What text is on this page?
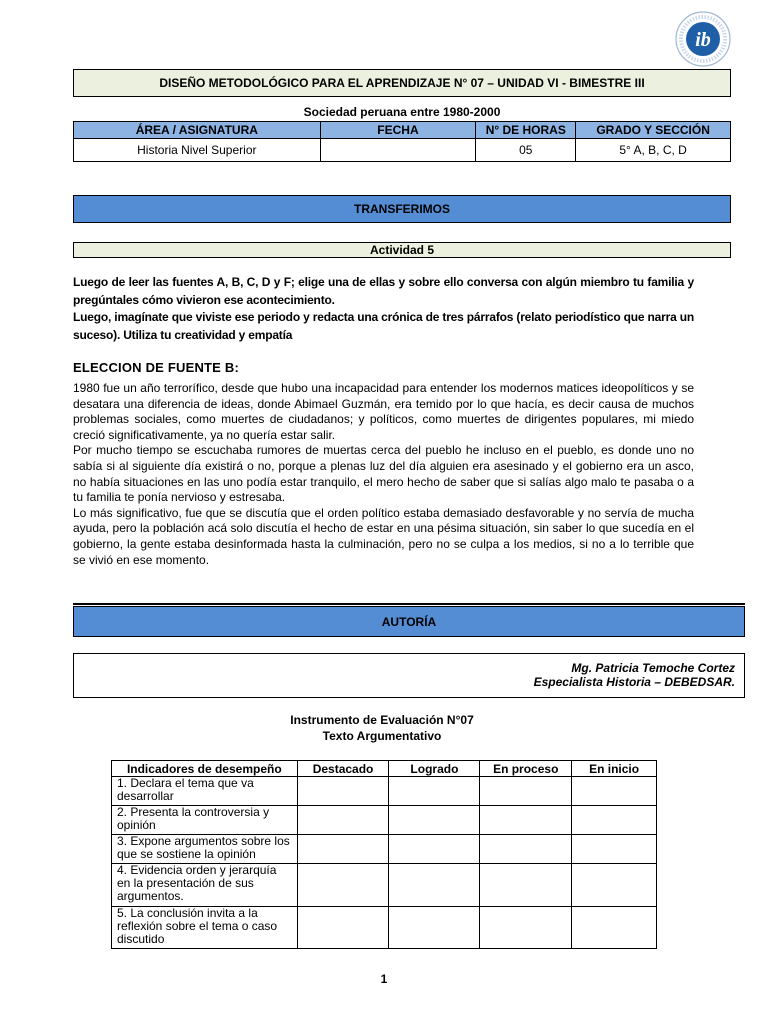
ib
DISEÑO METODOLÓGICO PARA EL APRENDIZAJE N° 07 – UNIDAD VI - BIMESTRE III
Sociedad peruana entre 1980-2000
ÁREA / ASIGNATURA	FECHA	N° DE HORAS	GRADO Y SECCIÓN
Historia Nivel Superior		05	5° A, B, C, D
TRANSFERIMOS
Actividad 5

Luego de leer las fuentes A, B, C, D y F; elige una de ellas y sobre ello conversa con algún miembro tu familia y pregúntales cómo vivieron ese acontecimiento.

Luego, imagínate que viviste ese periodo y redacta una crónica de tres párrafos (relato periodístico que narra un suceso). Utiliza tu creatividad y empatía

ELECCION DE FUENTE B:

1980 fue un año terrorífico, desde que hubo una incapacidad para entender los modernos matices ideopolíticos y se desatara una diferencia de ideas, donde Abimael Guzmán, era temido por lo que hacía, es decir causa de muchos problemas sociales, como muertes de ciudadanos; y políticos, como muertes de dirigentes populares, mi miedo creció significativamente, ya no quería estar salir.

Por mucho tiempo se escuchaba rumores de muertas cerca del pueblo he incluso en el pueblo, es donde uno no sabía si al siguiente día existirá o no, porque a plenas luz del día alguien era asesinado y el gobierno era un asco, no había situaciones en las uno podía estar tranquilo, el mero hecho de saber que si salías algo malo te pasaba o a tu familia te ponía nervioso y estresaba.

Lo más significativo, fue que se discutía que el orden político estaba demasiado desfavorable y no servía de mucha ayuda, pero la población acá solo discutía el hecho de estar en una pésima situación, sin saber lo que sucedía en el gobierno, la gente estaba desinformada hasta la culminación, pero no se culpa a los medios, si no a lo terrible que se vivió en ese momento.

AUTORÍA
Mg. Patricia Temoche Cortez
Especialista Historia – DEBEDSAR.
Instrumento de Evaluación N°07
Texto Argumentativo
Indicadores de desempeño	Destacado	Logrado	En proceso	En inicio
1. Declara el tema que va desarrollar				
2. Presenta la controversia y opinión				
3. Expone argumentos sobre los que se sostiene la opinión				
4. Evidencia orden y jerarquía en la presentación de sus argumentos.				
5. La conclusión invita a la reflexión sobre el tema o caso discutido				
1
